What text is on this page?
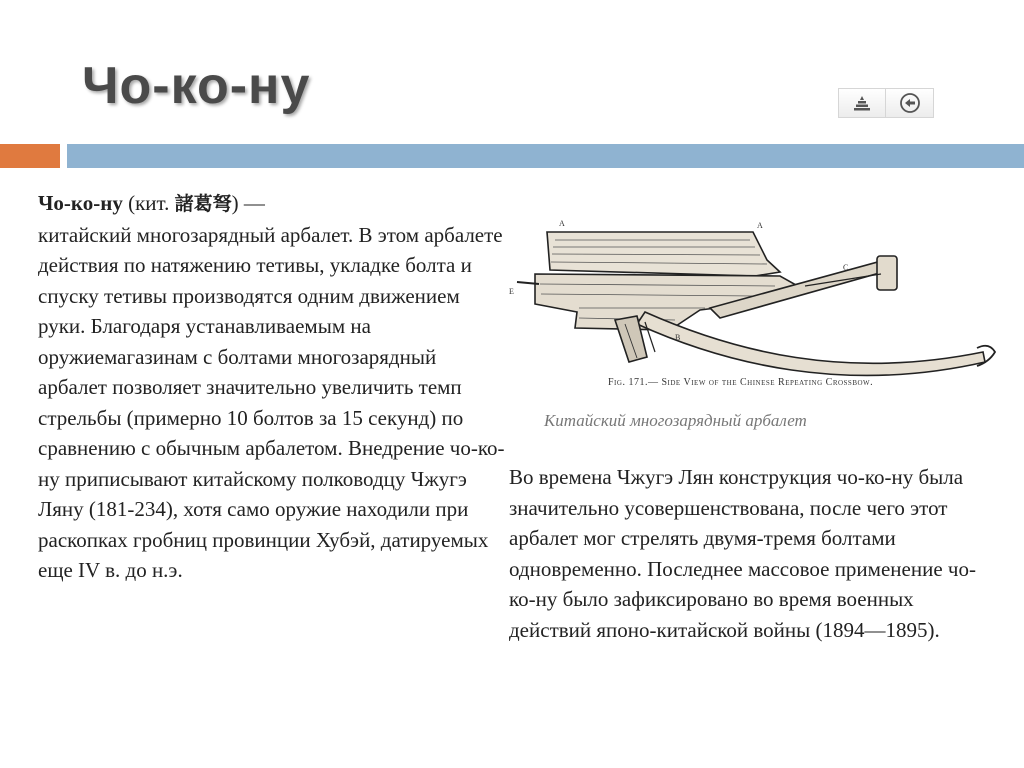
Чо-ко-ну

Чо-ко-ну (кит. 諸葛弩) —
китайский многозарядный арбалет. В этом арбалете действия по натяжению тетивы, укладке болта и спуску тетивы производятся одним движением руки. Благодаря устанавливаемым на оружиемагазинам с болтами многозарядный арбалет позволяет значительно увеличить темп стрельбы (примерно 10 болтов за 15 секунд) по сравнению с обычным арбалетом. Внедрение чо-ко-ну приписывают китайскому полководцу Чжугэ Ляну (181-234), хотя само оружие находили при раскопках гробниц провинции Хубэй, датируемых еще IV в. до н.э.

A	A
C
E
B

Fig. 171.— Side View of the Chinese Repeating Crossbow.

Китайский многозарядный арбалет

Во времена Чжугэ Лян конструкция чо-ко-ну была значительно усовершенствована, после чего этот арбалет мог стрелять двумя-тремя болтами одновременно. Последнее массовое применение чо-ко-ну было зафиксировано во время военных действий японо-китайской войны (1894—1895).
